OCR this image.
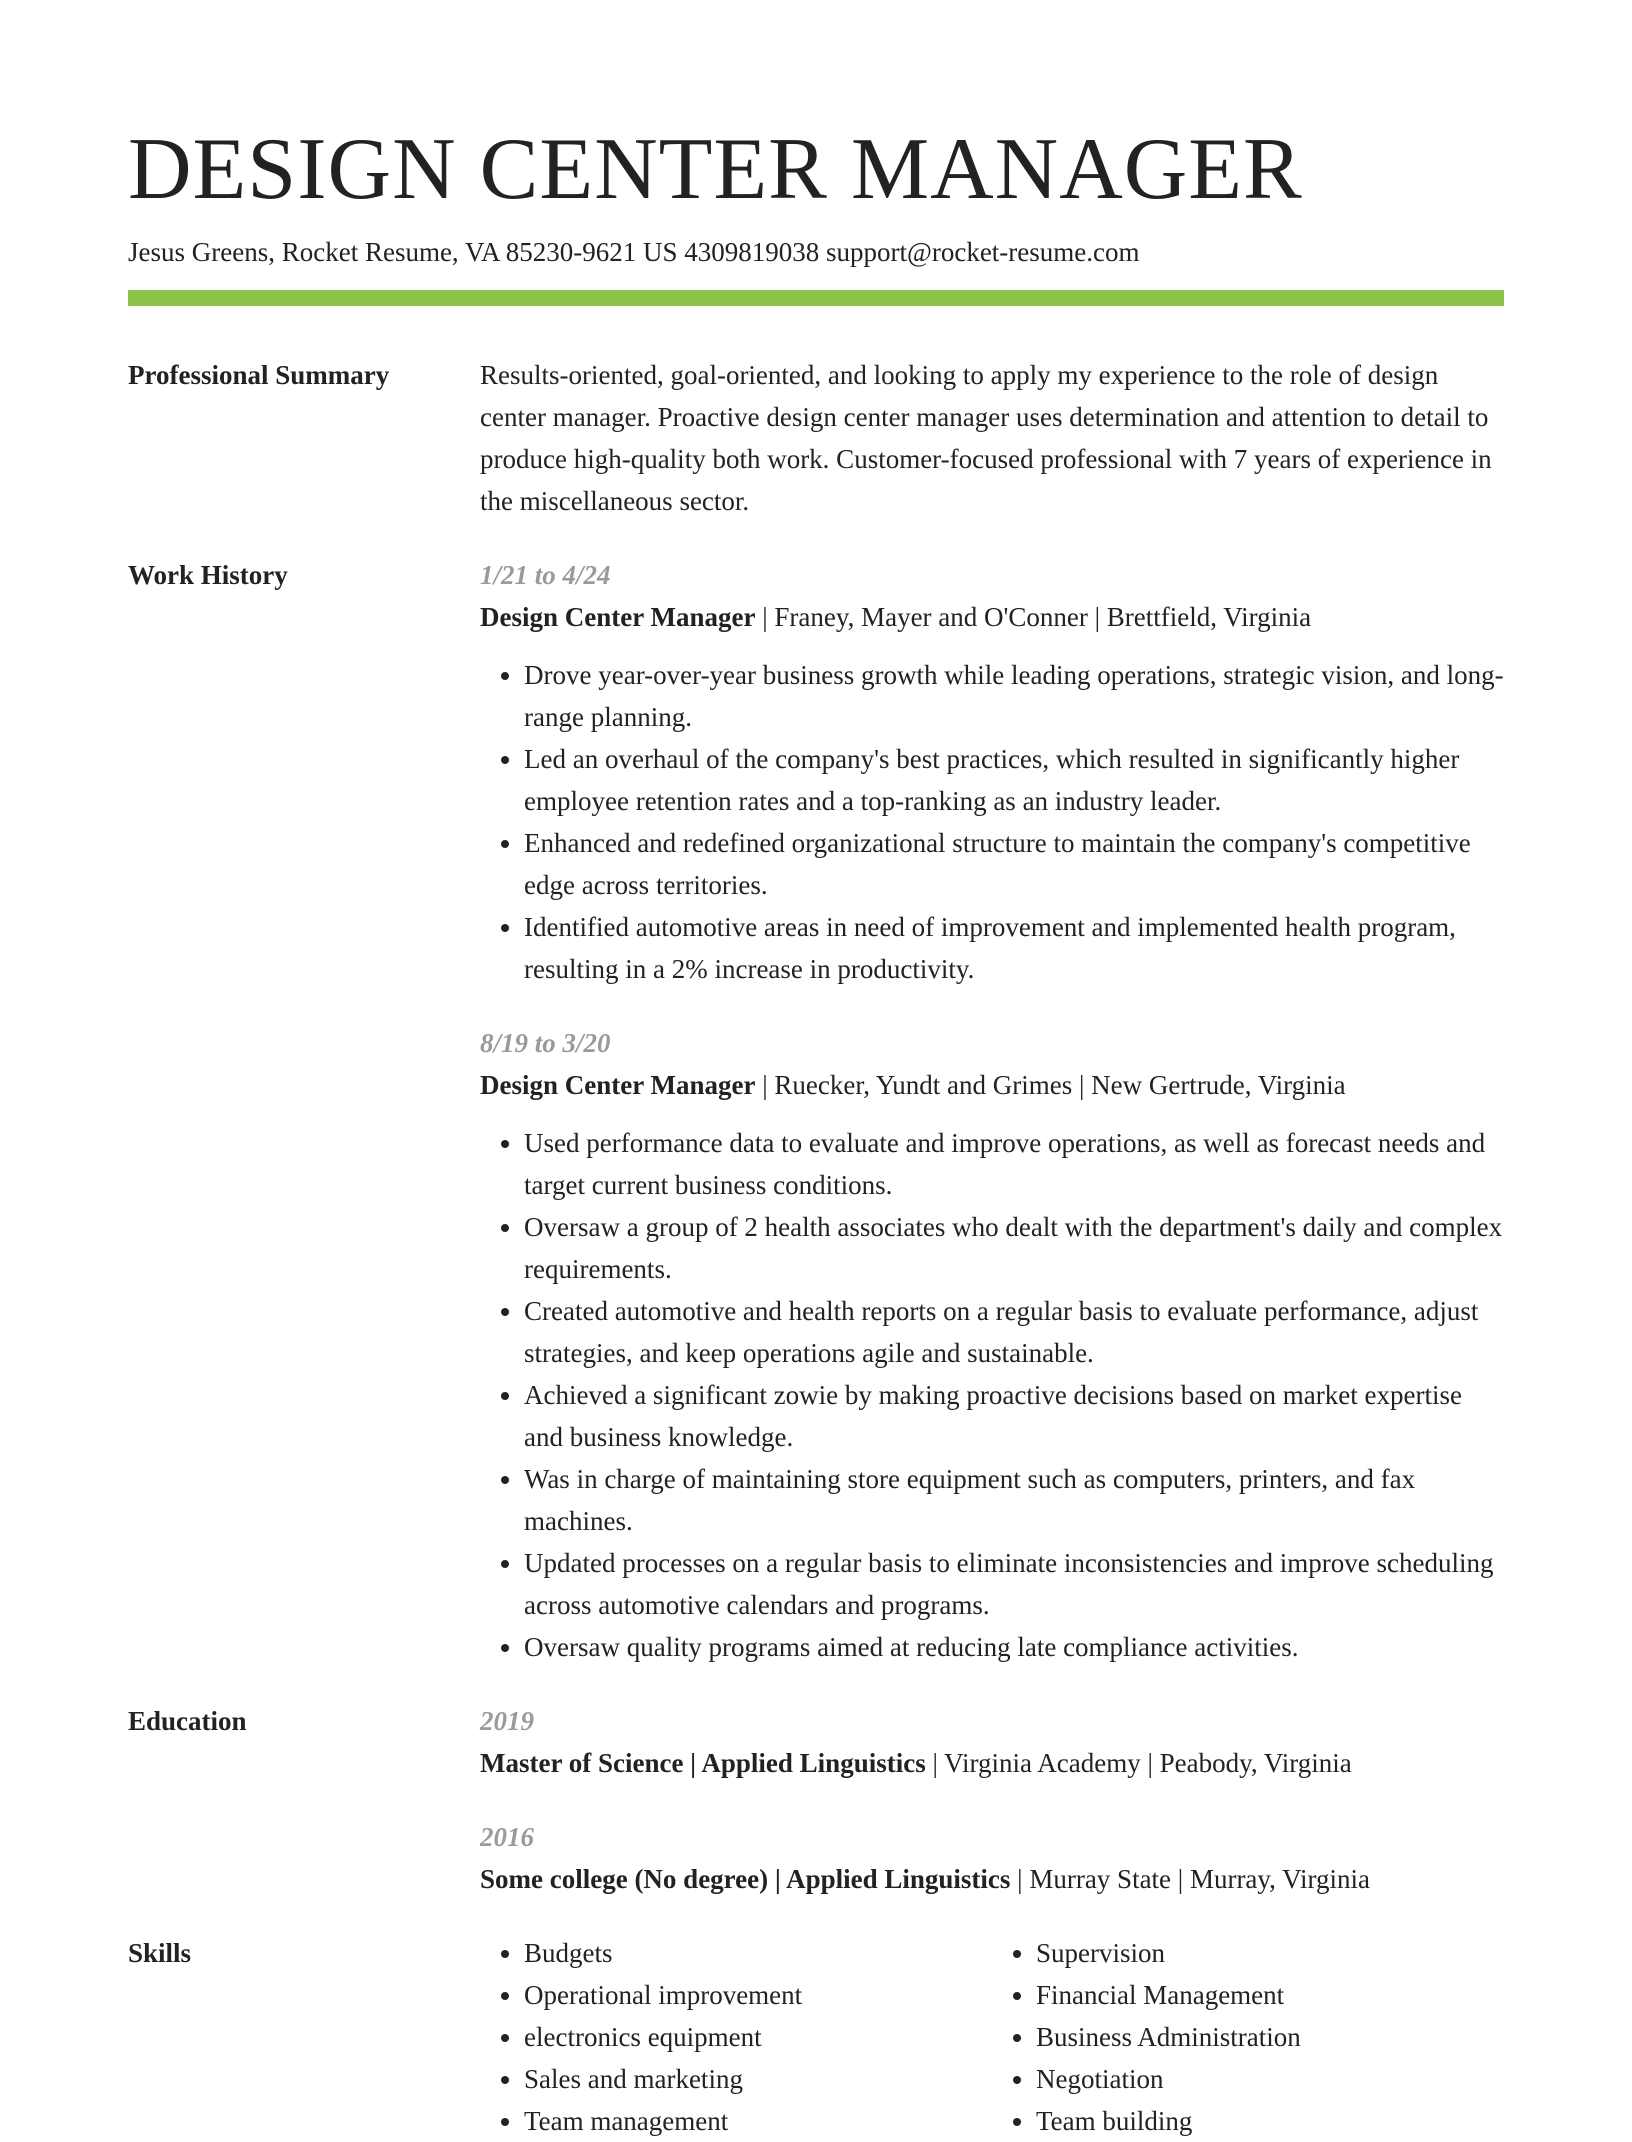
DESIGN CENTER MANAGER
Jesus Greens, Rocket Resume, VA 85230-9621 US 4309819038 support@rocket-resume.com
Professional Summary	Results-oriented, goal-oriented, and looking to apply my experience to the role of design center manager. Proactive design center manager uses determination and attention to detail to produce high-quality both work. Customer-focused professional with 7 years of experience in the miscellaneous sector.
Work History	1/21 to 4/24
Design Center Manager | Franey, Mayer and O'Conner | Brettfield, Virginia
• Drove year-over-year business growth while leading operations, strategic vision, and long-range planning.
• Led an overhaul of the company's best practices, which resulted in significantly higher employee retention rates and a top-ranking as an industry leader.
• Enhanced and redefined organizational structure to maintain the company's competitive edge across territories.
• Identified automotive areas in need of improvement and implemented health program, resulting in a 2% increase in productivity.
8/19 to 3/20
Design Center Manager | Ruecker, Yundt and Grimes | New Gertrude, Virginia
• Used performance data to evaluate and improve operations, as well as forecast needs and target current business conditions.
• Oversaw a group of 2 health associates who dealt with the department's daily and complex requirements.
• Created automotive and health reports on a regular basis to evaluate performance, adjust strategies, and keep operations agile and sustainable.
• Achieved a significant zowie by making proactive decisions based on market expertise and business knowledge.
• Was in charge of maintaining store equipment such as computers, printers, and fax machines.
• Updated processes on a regular basis to eliminate inconsistencies and improve scheduling across automotive calendars and programs.
• Oversaw quality programs aimed at reducing late compliance activities.
Education	2019
Master of Science | Applied Linguistics | Virginia Academy | Peabody, Virginia
2016
Some college (No degree) | Applied Linguistics | Murray State | Murray, Virginia
Skills
•	Budgets
• Operational improvement
• electronics equipment
• Sales and marketing
• Team management
• Supervision
• Financial Management
• Business Administration
• Negotiation
• Team building
